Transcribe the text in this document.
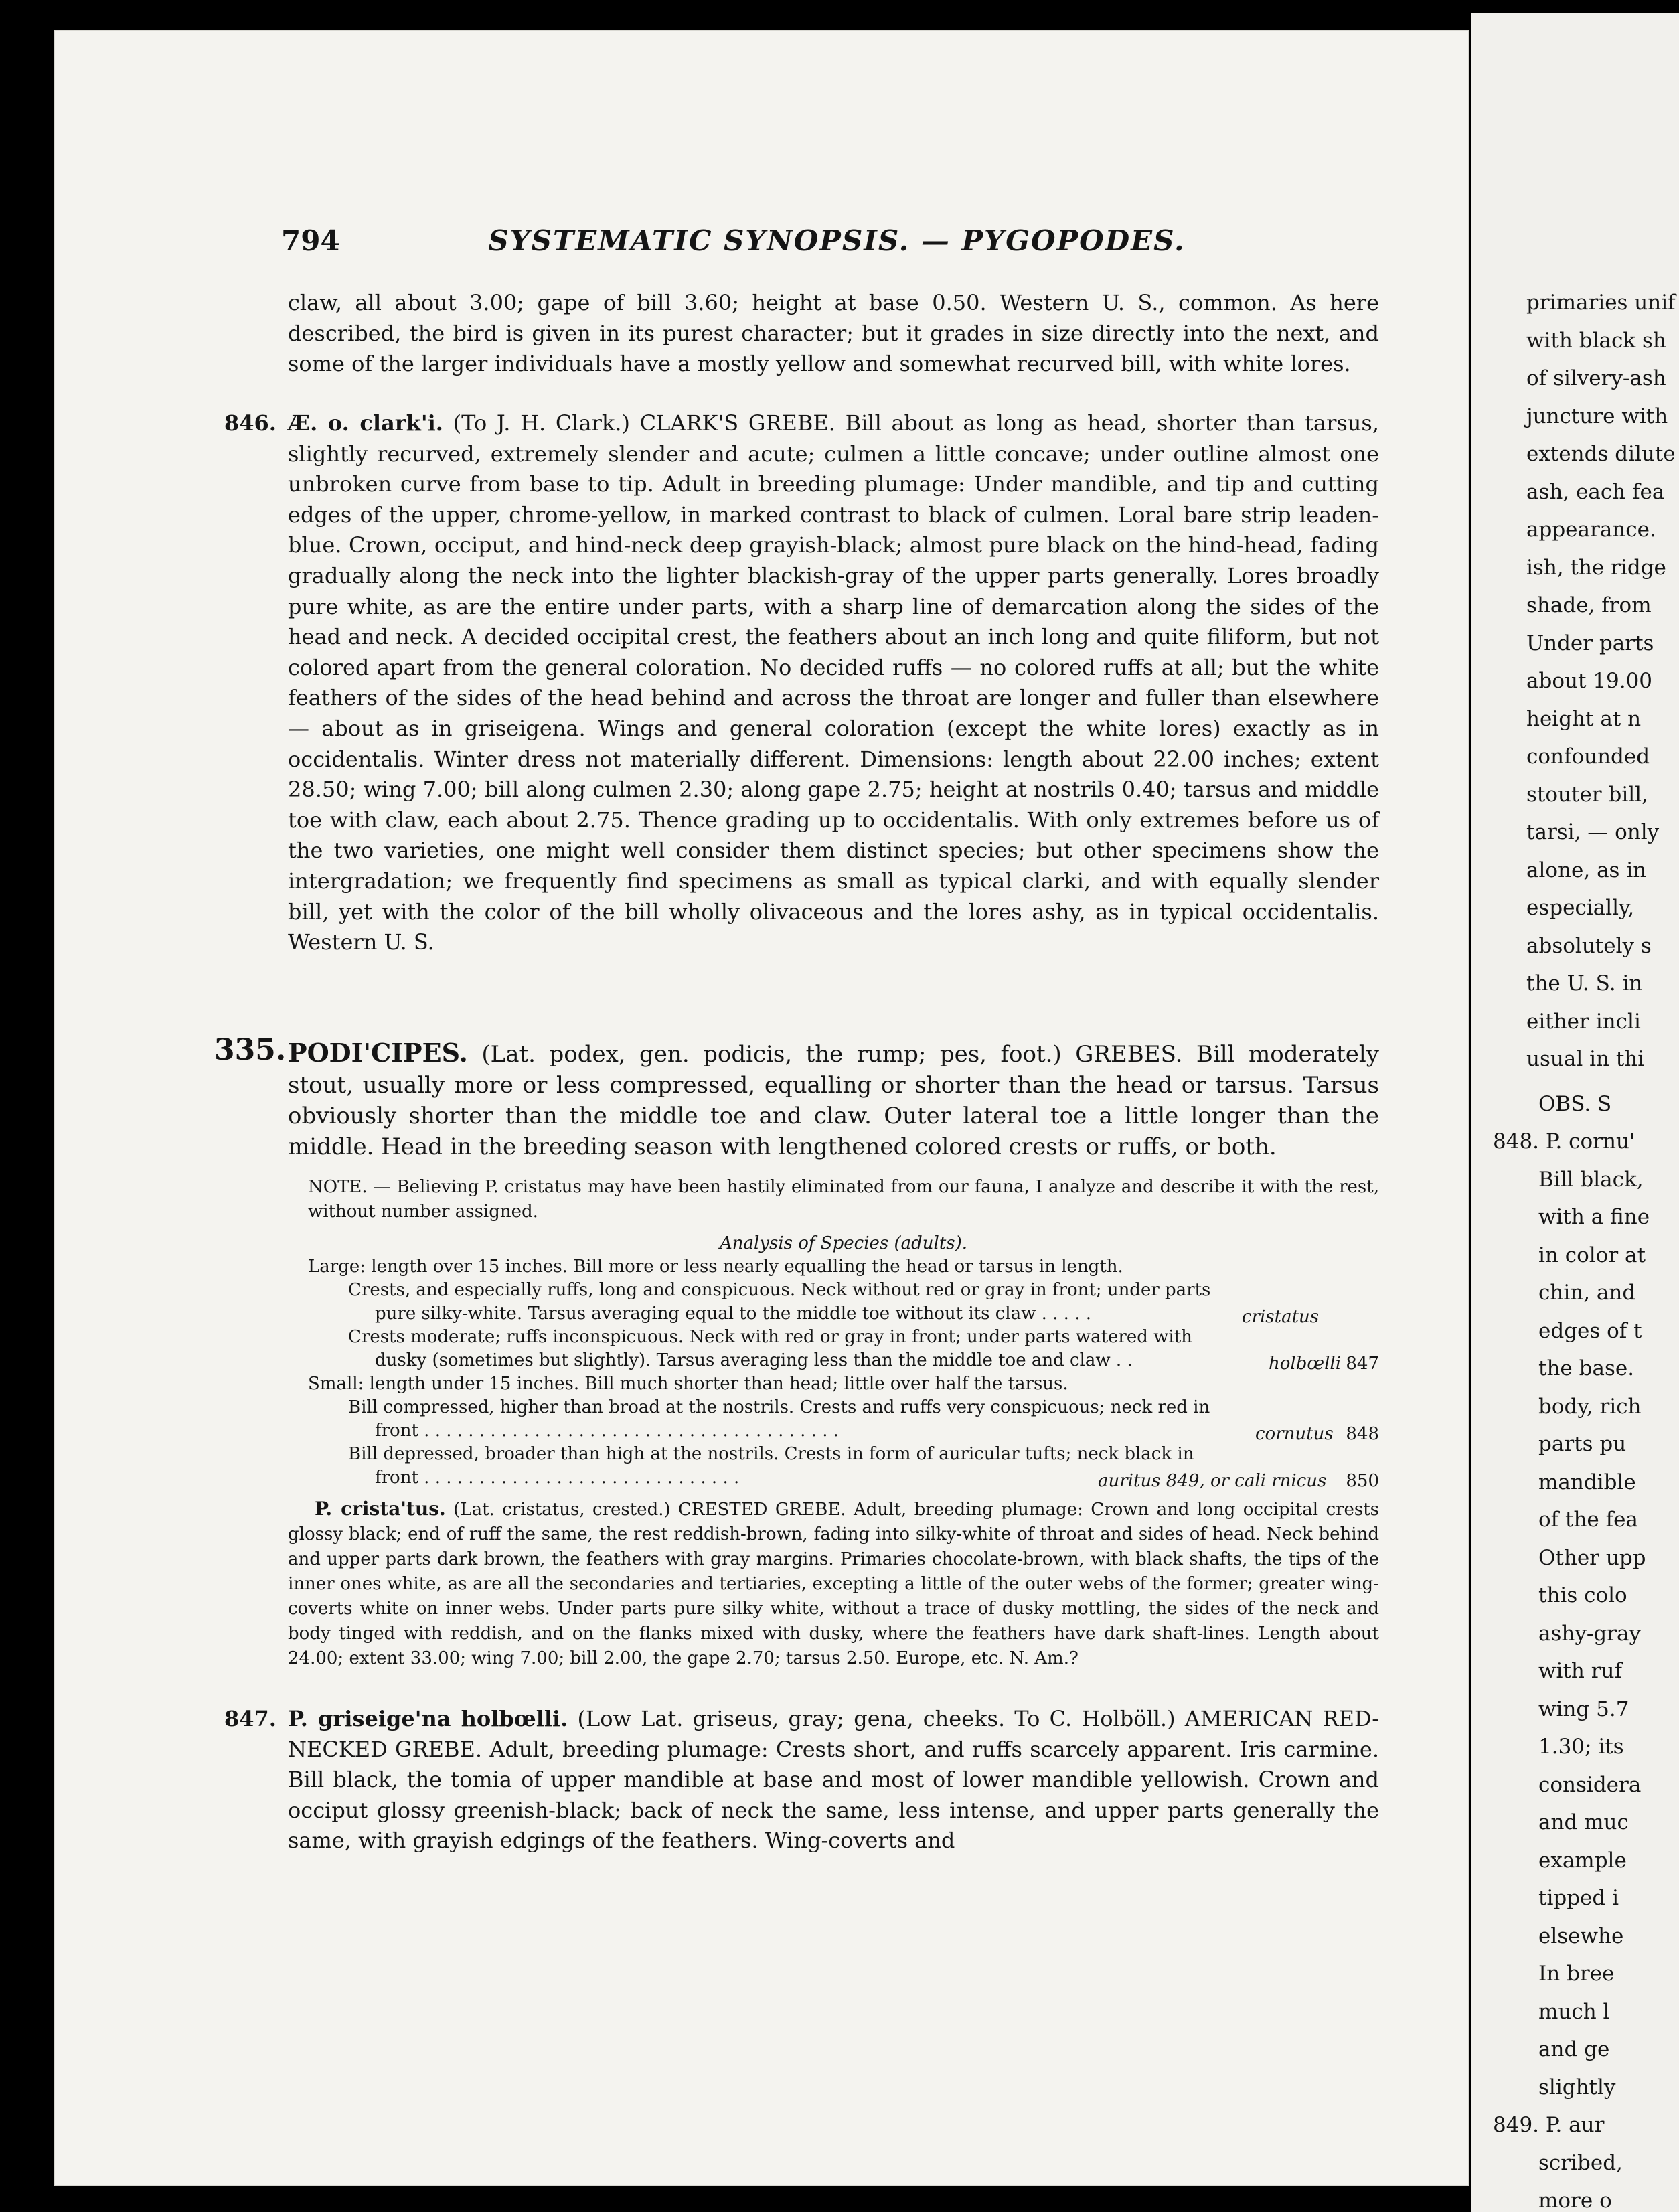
primaries unif
with black sh
of silvery-ash
juncture with
extends dilute
ash, each fea
appearance.
ish, the ridge
shade, from
Under parts
about 19.00
height at n
confounded
stouter bill,
tarsi, — only
alone, as in
especially,
absolutely s
the U. S. in
either incli
usual in thi
OBS. S
848. P. cornu'
Bill black,
with a fine
in color at
chin, and
edges of t
the base.
body, rich
parts pu
mandible
of the fea
Other upp
this colo
ashy-gray
with ruf
wing 5.7
1.30; its
considera
and muc
example
tipped i
elsewhe
In bree
much l
and ge
slightly
849. P. aur
scribed,
more o
794	SYSTEMATIC SYNOPSIS. — PYGOPODES.
claw, all about 3.00; gape of bill 3.60; height at base 0.50. Western U. S., common. As here described, the bird is given in its purest character; but it grades in size directly into the next, and some of the larger individuals have a mostly yellow and somewhat recurved bill, with white lores.
846. Æ. o. clark'i. (To J. H. Clark.) CLARK'S GREBE. Bill about as long as head, shorter than tarsus, slightly recurved, extremely slender and acute; culmen a little concave; under outline almost one unbroken curve from base to tip. Adult in breeding plumage: Under mandible, and tip and cutting edges of the upper, chrome-yellow, in marked contrast to black of culmen. Loral bare strip leaden-blue. Crown, occiput, and hind-neck deep grayish-black; almost pure black on the hind-head, fading gradually along the neck into the lighter blackish-gray of the upper parts generally. Lores broadly pure white, as are the entire under parts, with a sharp line of demarcation along the sides of the head and neck. A decided occipital crest, the feathers about an inch long and quite filiform, but not colored apart from the general coloration. No decided ruffs — no colored ruffs at all; but the white feathers of the sides of the head behind and across the throat are longer and fuller than elsewhere — about as in griseigena. Wings and general coloration (except the white lores) exactly as in occidentalis. Winter dress not materially different. Dimensions: length about 22.00 inches; extent 28.50; wing 7.00; bill along culmen 2.30; along gape 2.75; height at nostrils 0.40; tarsus and middle toe with claw, each about 2.75. Thence grading up to occidentalis. With only extremes before us of the two varieties, one might well consider them distinct species; but other specimens show the intergradation; we frequently find specimens as small as typical clarki, and with equally slender bill, yet with the color of the bill wholly olivaceous and the lores ashy, as in typical occidentalis. Western U. S.
335. PODI'CIPES. (Lat. podex, gen. podicis, the rump; pes, foot.) GREBES. Bill moderately stout, usually more or less compressed, equalling or shorter than the head or tarsus. Tarsus obviously shorter than the middle toe and claw. Outer lateral toe a little longer than the middle. Head in the breeding season with lengthened colored crests or ruffs, or both.
NOTE. — Believing P. cristatus may have been hastily eliminated from our fauna, I analyze and describe it with the rest, without number assigned.
Analysis of Species (adults).
Large: length over 15 inches. Bill more or less nearly equalling the head or tarsus in length.
Crests, and especially ruffs, long and conspicuous. Neck without red or gray in front; under parts
pure silky-white. Tarsus averaging equal to the middle toe without its claw . . . . .	cristatus
Crests moderate; ruffs inconspicuous. Neck with red or gray in front; under parts watered with
dusky (sometimes but slightly). Tarsus averaging less than the middle toe and claw . .	holbœlli 847
Small: length under 15 inches. Bill much shorter than head; little over half the tarsus.
Bill compressed, higher than broad at the nostrils. Crests and ruffs very conspicuous; neck red in
front . . . . . . . . . . . . . . . . . . . . . . . . . . . . . . . . . . . . . .	cornutus 848
Bill depressed, broader than high at the nostrils. Crests in form of auricular tufts; neck black in
front . . . . . . . . . . . . . . . . . . . . . . . . . . . . .	auritus 849, or cali rnicus 850
P. crista'tus. (Lat. cristatus, crested.) CRESTED GREBE. Adult, breeding plumage: Crown and long occipital crests glossy black; end of ruff the same, the rest reddish-brown, fading into silky-white of throat and sides of head. Neck behind and upper parts dark brown, the feathers with gray margins. Primaries chocolate-brown, with black shafts, the tips of the inner ones white, as are all the secondaries and tertiaries, excepting a little of the outer webs of the former; greater wing-coverts white on inner webs. Under parts pure silky white, without a trace of dusky mottling, the sides of the neck and body tinged with reddish, and on the flanks mixed with dusky, where the feathers have dark shaft-lines. Length about 24.00; extent 33.00; wing 7.00; bill 2.00, the gape 2.70; tarsus 2.50. Europe, etc. N. Am.?
847. P. griseige'na holbœlli. (Low Lat. griseus, gray; gena, cheeks. To C. Holböll.) AMERICAN RED-NECKED GREBE. Adult, breeding plumage: Crests short, and ruffs scarcely apparent. Iris carmine. Bill black, the tomia of upper mandible at base and most of lower mandible yellowish. Crown and occiput glossy greenish-black; back of neck the same, less intense, and upper parts generally the same, with grayish edgings of the feathers. Wing-coverts and
